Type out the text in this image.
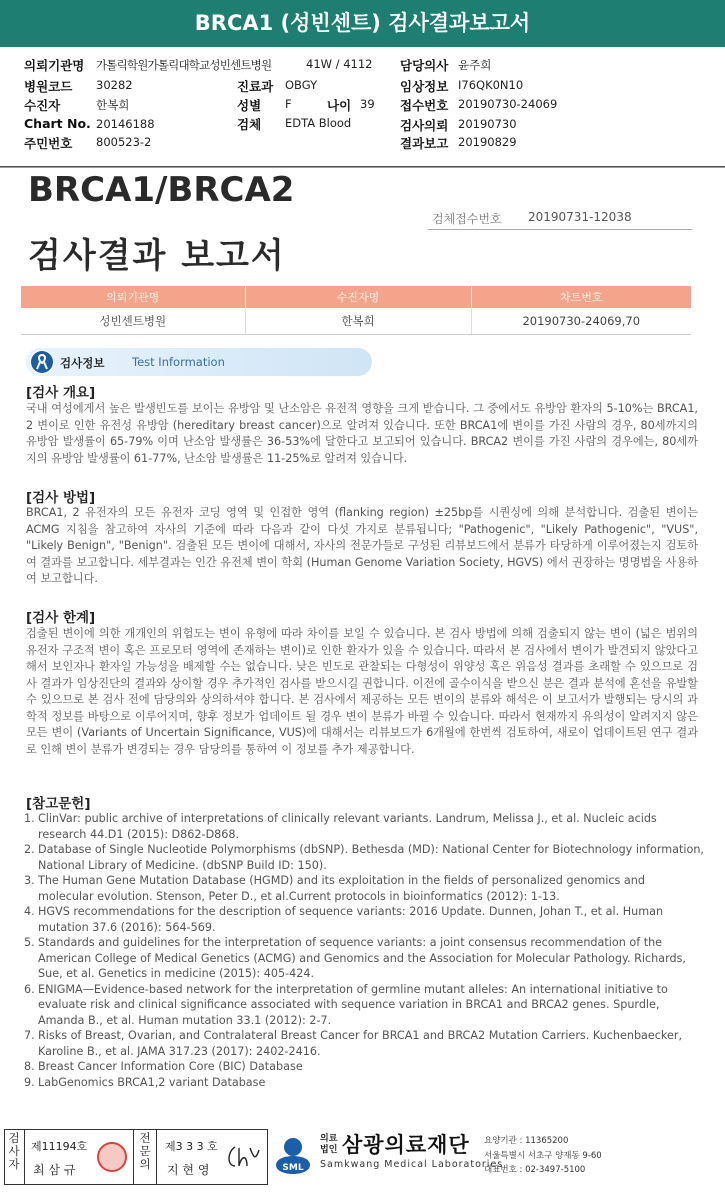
BRCA1 (성빈센트) 검사결과보고서
의뢰기관명 가톨릭학원가톨릭대학교성빈센트병원	41W / 4112 담당의사 윤주희
병원코드 30282	진료과 OBGY	임상정보 I76QK0N10
수진자	한복희	성별 F	나이 39 접수번호 20190730-24069
Chart No. 20146188	검체 EDTA Blood	검사의뢰 20190730
주민번호 800523-2	결과보고 20190829
BRCA1/BRCA2
검사결과 보고서
검체접수번호 20190731-12038
의뢰기관명	수진자명	차트번호
성빈센트병원	한복희	20190730-24069,70
검사정보 Test Information
[검사 개요]
국내 여성에게서 높은 발생빈도를 보이는 유방암 및 난소암은 유전적 영향을 크게 받습니다. 그 중에서도 유방암 환자의 5-10%는 BRCA1, 2 변이로 인한 유전성 유방암 (hereditary breast cancer)으로 알려져 있습니다. 또한 BRCA1에 변이를 가진 사람의 경우, 80세까지의 유방암 발생률이 65-79% 이며 난소암 발생률은 36-53%에 달한다고 보고되어 있습니다. BRCA2 변이를 가진 사람의 경우에는, 80세까지의 유방암 발생률이 61-77%, 난소암 발생률은 11-25%로 알려져 있습니다.
[검사 방법]
BRCA1, 2 유전자의 모든 유전자 코딩 영역 및 인접한 영역 (flanking region) ±25bp를 시퀀싱에 의해 분석합니다. 검출된 변이는 ACMG 지침을 참고하여 자사의 기준에 따라 다음과 같이 다섯 가지로 분류됩니다; "Pathogenic", "Likely Pathogenic", "VUS", "Likely Benign", "Benign". 검출된 모든 변이에 대해서, 자사의 전문가들로 구성된 리뷰보드에서 분류가 타당하게 이루어졌는지 검토하여 결과를 보고합니다. 세부결과는 인간 유전체 변이 학회 (Human Genome Variation Society, HGVS) 에서 권장하는 명명법을 사용하여 보고합니다.
[검사 한계]
검출된 변이에 의한 개개인의 위험도는 변이 유형에 따라 차이를 보일 수 있습니다. 본 검사 방법에 의해 검출되지 않는 변이 (넓은 범위의 유전자 구조적 변이 혹은 프로모터 영역에 존재하는 변이)로 인한 환자가 있을 수 있습니다. 따라서 본 검사에서 변이가 발견되지 않았다고 해서 보인자나 환자일 가능성을 배제할 수는 없습니다. 낮은 빈도로 관찰되는 다형성이 위양성 혹은 위음성 결과를 초래할 수 있으므로 검사 결과가 임상진단의 결과와 상이할 경우 추가적인 검사를 받으시길 권합니다. 이전에 골수이식을 받으신 분은 결과 분석에 혼선을 유발할 수 있으므로 본 검사 전에 담당의와 상의하셔야 합니다. 본 검사에서 제공하는 모든 변이의 분류와 해석은 이 보고서가 발행되는 당시의 과학적 정보를 바탕으로 이루어지며, 향후 정보가 업데이트 될 경우 변이 분류가 바뀔 수 있습니다. 따라서 현재까지 유의성이 알려지지 않은 모든 변이 (Variants of Uncertain Significance, VUS)에 대해서는 리뷰보드가 6개월에 한번씩 검토하여, 새로이 업데이트된 연구 결과로 인해 변이 분류가 변경되는 경우 담당의를 통하여 이 정보를 추가 제공합니다.
[참고문헌]
1. ClinVar: public archive of interpretations of clinically relevant variants. Landrum, Melissa J., et al. Nucleic acids research 44.D1 (2015): D862-D868.
2. Database of Single Nucleotide Polymorphisms (dbSNP). Bethesda (MD): National Center for Biotechnology information, National Library of Medicine. (dbSNP Build ID: 150).
3. The Human Gene Mutation Database (HGMD) and its exploitation in the fields of personalized genomics and molecular evolution. Stenson, Peter D., et al.Current protocols in bioinformatics (2012): 1-13.
4. HGVS recommendations for the description of sequence variants: 2016 Update. Dunnen, Johan T., et al. Human mutation 37.6 (2016): 564-569.
5. Standards and guidelines for the interpretation of sequence variants: a joint consensus recommendation of the American College of Medical Genetics (ACMG) and Genomics and the Association for Molecular Pathology. Richards, Sue, et al. Genetics in medicine (2015): 405-424.
6. ENIGMA—Evidence-based network for the interpretation of germline mutant alleles: An international initiative to evaluate risk and clinical significance associated with sequence variation in BRCA1 and BRCA2 genes. Spurdle, Amanda B., et al. Human mutation 33.1 (2012): 2-7.
7. Risks of Breast, Ovarian, and Contralateral Breast Cancer for BRCA1 and BRCA2 Mutation Carriers. Kuchenbaecker, Karoline B., et al. JAMA 317.23 (2017): 2402-2416.
8. Breast Cancer Information Core (BIC) Database
9. LabGenomics BRCA1,2 variant Database
검사자
제11194호
최 삼 규
전문의
제3 3 3 호
지 현 영	SML
의료법인 삼광의료재단
Samkwang Medical Laboratories
요양기관 : 11365200
서울특별시 서초구 양재동 9-60
대표번호 : 02-3497-5100
